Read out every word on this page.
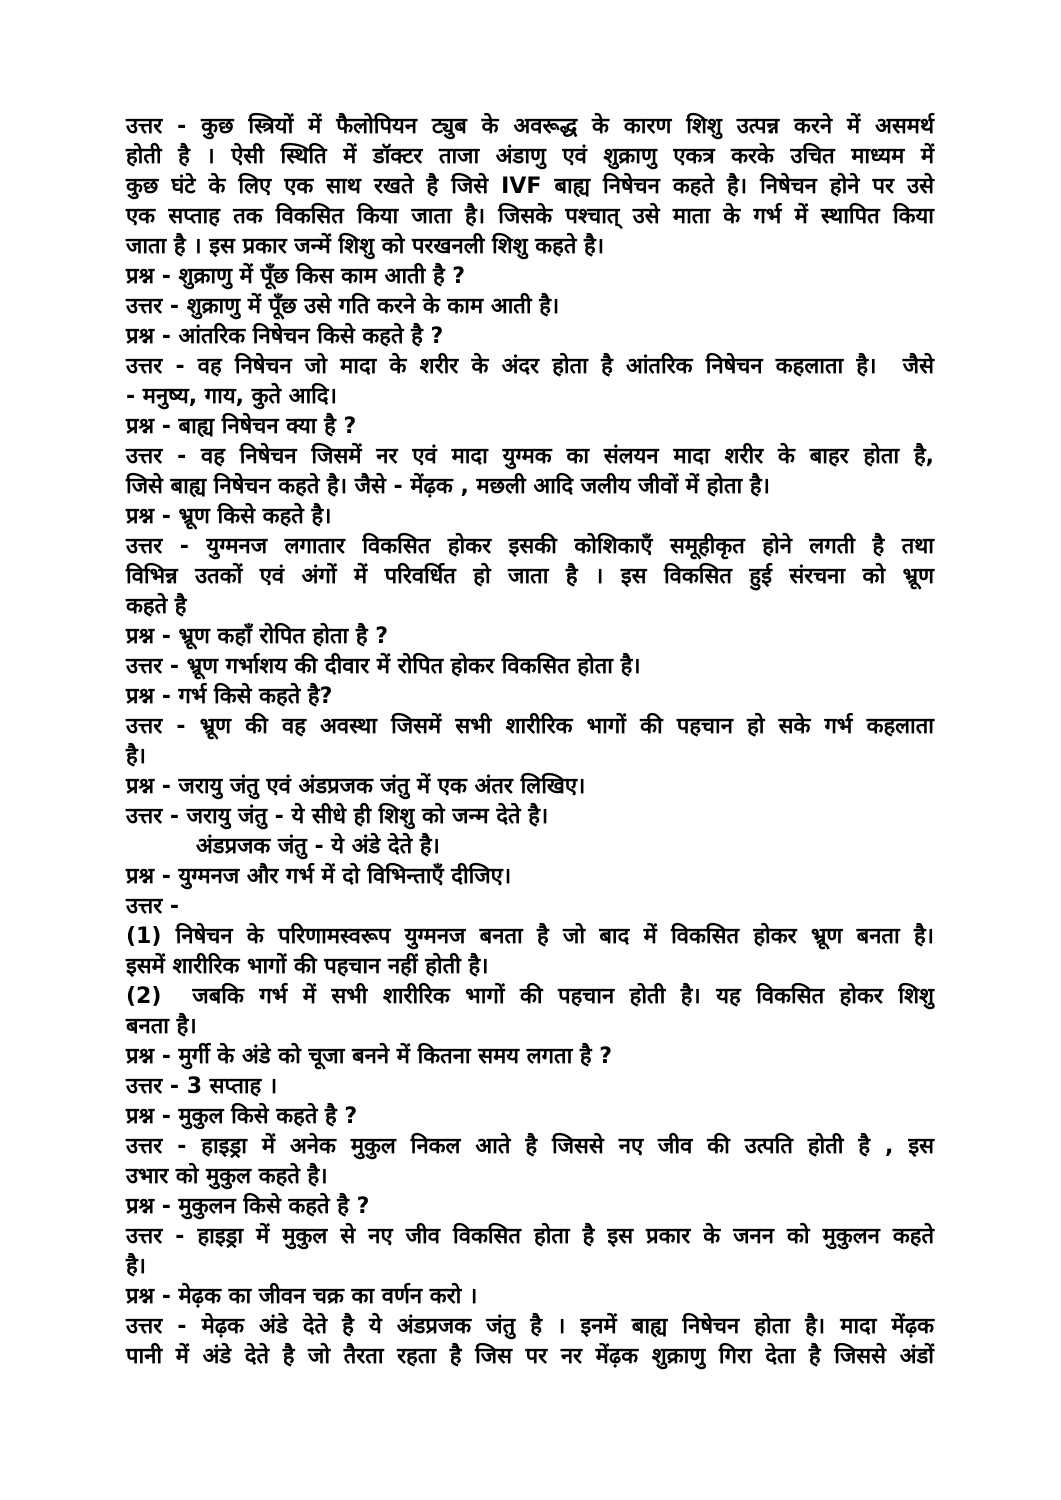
उत्तर - कुछ स्त्रियों में फैलोपियन ट्युब के अवरूद्ध के कारण शिशु उत्पन्न करने में असमर्थ
होती है । ऐसी स्थिति में डॉक्टर ताजा अंडाणु एवं शुक्राणु एकत्र करके उचित माध्यम में
कुछ घंटे के लिए एक साथ रखते है जिसे IVF बाह्य निषेचन कहते है। निषेचन होने पर उसे
एक सप्ताह तक विकसित किया जाता है। जिसके पश्चात् उसे माता के गर्भ में स्थापित किया
जाता है । इस प्रकार जन्में शिशु को परखनली शिशु कहते है।
प्रश्न - शुक्राणु में पूँछ किस काम आती है ?
उत्तर - शुक्राणु में पूँछ उसे गति करने के काम आती है।
प्रश्न - आंतरिक निषेचन किसे कहते है ?
उत्तर - वह निषेचन जो मादा के शरीर के अंदर होता है आंतरिक निषेचन कहलाता है।  जैसे
- मनुष्य, गाय, कुते आदि।
प्रश्न - बाह्य निषेचन क्या है ?
उत्तर - वह निषेचन जिसमें नर एवं मादा युग्मक का संलयन मादा शरीर के बाहर होता है,
जिसे बाह्य निषेचन कहते है। जैसे - मेंढ़क , मछली आदि जलीय जीवों में होता है।
प्रश्न - भ्रूण किसे कहते है।
उत्तर - युग्मनज लगातार विकसित होकर इसकी कोशिकाएँ समूहीकृत होने लगती है तथा
विभिन्न उतकों एवं अंगों में परिवर्धित हो जाता है । इस विकसित हुई संरचना को भ्रूण
कहते है
प्रश्न - भ्रूण कहाँ रोपित होता है ?
उत्तर - भ्रूण गर्भाशय की दीवार में रोपित होकर विकसित होता है।
प्रश्न - गर्भ किसे कहते है?
उत्तर - भ्रूण की वह अवस्था जिसमें सभी शारीरिक भागों की पहचान हो सके गर्भ कहलाता
है।
प्रश्न - जरायु जंतु एवं अंडप्रजक जंतु में एक अंतर लिखिए।
उत्तर - जरायु जंतु - ये सीधे ही शिशु को जन्म देते है।
अंडप्रजक जंतु - ये अंडे देते है।
प्रश्न - युग्मनज और गर्भ में दो विभिन्ताएँ दीजिए।
उत्तर -
(1) निषेचन के परिणामस्वरूप युग्मनज बनता है जो बाद में विकसित होकर भ्रूण बनता है।
इसमें शारीरिक भागों की पहचान नहीं होती है।
(2)  जबकि गर्भ में सभी शारीरिक भागों की पहचान होती है। यह विकसित होकर शिशु
बनता है।
प्रश्न - मुर्गी के अंडे को चूजा बनने में कितना समय लगता है ?
उत्तर - 3 सप्ताह ।
प्रश्न - मुकुल किसे कहते है ?
उत्तर - हाइड्रा में अनेक मुकुल निकल आते है जिससे नए जीव की उत्पति होती है , इस
उभार को मुकुल कहते है।
प्रश्न - मुकुलन किसे कहते है ?
उत्तर - हाइड्रा में मुकुल से नए जीव विकसित होता है इस प्रकार के जनन को मुकुलन कहते
है।
प्रश्न - मेढ़क का जीवन चक्र का वर्णन करो ।
उत्तर - मेढ़क अंडे देते है ये अंडप्रजक जंतु है । इनमें बाह्य निषेचन होता है। मादा मेंढ़क
पानी में अंडे देते है जो तैरता रहता है जिस पर नर मेंढ़क शुक्राणु गिरा देता है जिससे अंडों
